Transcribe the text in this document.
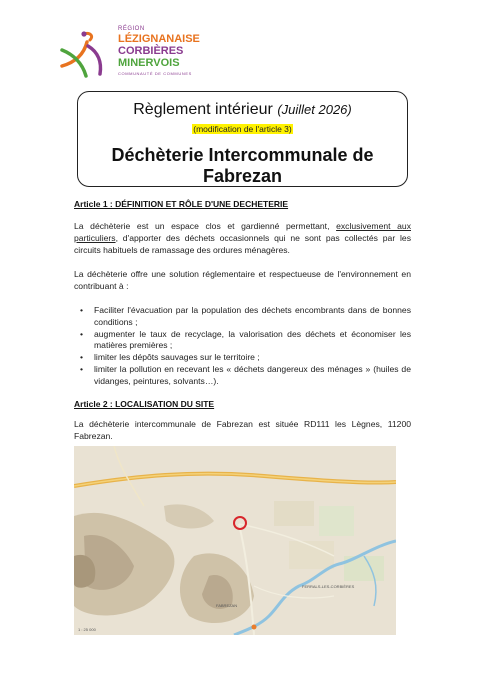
RÉGION
LÉZIGNANAISE
CORBIÈRES
MINERVOIS
COMMUNAUTÉ DE COMMUNES
Règlement intérieur (Juillet 2026)
(modification de l'article 3)
Déchèterie Intercommunale de Fabrezan
Article 1 : DÉFINITION ET RÔLE D'UNE DECHETERIE
La déchèterie est un espace clos et gardienné permettant, exclusivement aux particuliers, d'apporter des déchets occasionnels qui ne sont pas collectés par les circuits habituels de ramassage des ordures ménagères.
La déchèterie offre une solution réglementaire et respectueuse de l'environnement en contribuant à :
• Faciliter l'évacuation par la population des déchets encombrants dans de bonnes conditions ;
• augmenter le taux de recyclage, la valorisation des déchets et économiser les matières premières ;
• limiter les dépôts sauvages sur le territoire ;
• limiter la pollution en recevant les « déchets dangereux des ménages » (huiles de vidanges, peintures, solvants…).
Article 2 : LOCALISATION DU SITE
La déchèterie intercommunale de Fabrezan est située RD111 les Lègnes, 11200 Fabrezan.
FERRALS-LES-CORBIÈRES
FABREZAN
1 : 25 000
